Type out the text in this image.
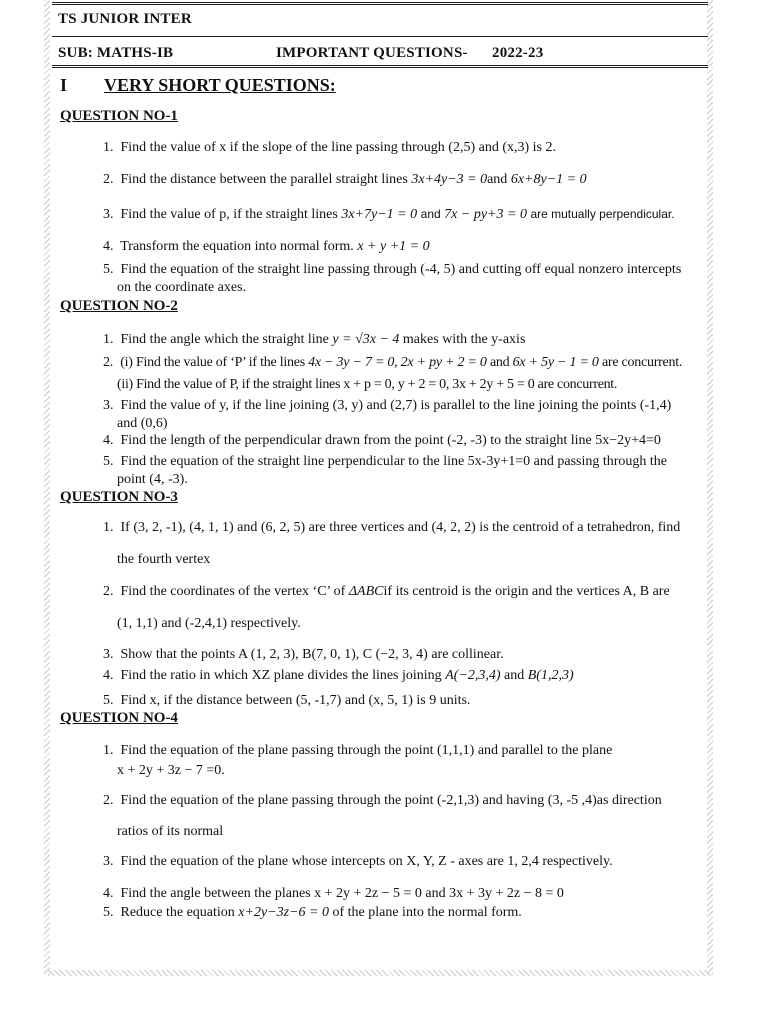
TS JUNIOR INTER
SUB: MATHS-IB	IMPORTANT QUESTIONS- 2022-23
I VERY SHORT QUESTIONS:
QUESTION NO-1
1. Find the value of x if the slope of the line passing through (2,5) and (x,3) is 2.
2. Find the distance between the parallel straight lines 3x+4y−3 = 0and 6x+8y−1 = 0
3. Find the value of p, if the straight lines 3x+7y−1 = 0 and 7x − py+3 = 0 are mutually perpendicular.
4. Transform the equation into normal form. x + y +1 = 0
5. Find the equation of the straight line passing through (-4, 5) and cutting off equal nonzero intercepts
on the coordinate axes.
QUESTION NO-2
1. Find the angle which the straight line y = √3x − 4 makes with the y-axis
2. (i) Find the value of ‘P’ if the lines 4x − 3y − 7 = 0, 2x + py + 2 = 0 and 6x + 5y − 1 = 0 are concurrent.
(ii) Find the value of P, if the straight lines x + p = 0, y + 2 = 0, 3x + 2y + 5 = 0 are concurrent.
3. Find the value of y, if the line joining (3, y) and (2,7) is parallel to the line joining the points (-1,4)
and (0,6)
4. Find the length of the perpendicular drawn from the point (-2, -3) to the straight line 5x−2y+4=0
5. Find the equation of the straight line perpendicular to the line 5x-3y+1=0 and passing through the
point (4, -3).
QUESTION NO-3
1. If (3, 2, -1), (4, 1, 1) and (6, 2, 5) are three vertices and (4, 2, 2) is the centroid of a tetrahedron, find
the fourth vertex
2. Find the coordinates of the vertex ‘C’ of ΔABCif its centroid is the origin and the vertices A, B are
(1, 1,1) and (-2,4,1) respectively.
3. Show that the points A (1, 2, 3), B(7, 0, 1), C (−2, 3, 4) are collinear.
4. Find the ratio in which XZ plane divides the lines joining A(−2,3,4) and B(1,2,3)
5. Find x, if the distance between (5, -1,7) and (x, 5, 1) is 9 units.
QUESTION NO-4
1. Find the equation of the plane passing through the point (1,1,1) and parallel to the plane
x + 2y + 3z − 7 =0.
2. Find the equation of the plane passing through the point (-2,1,3) and having (3, -5 ,4)as direction
ratios of its normal
3. Find the equation of the plane whose intercepts on X, Y, Z - axes are 1, 2,4 respectively.
4. Find the angle between the planes x + 2y + 2z − 5 = 0 and 3x + 3y + 2z − 8 = 0
5. Reduce the equation x+2y−3z−6 = 0 of the plane into the normal form.
